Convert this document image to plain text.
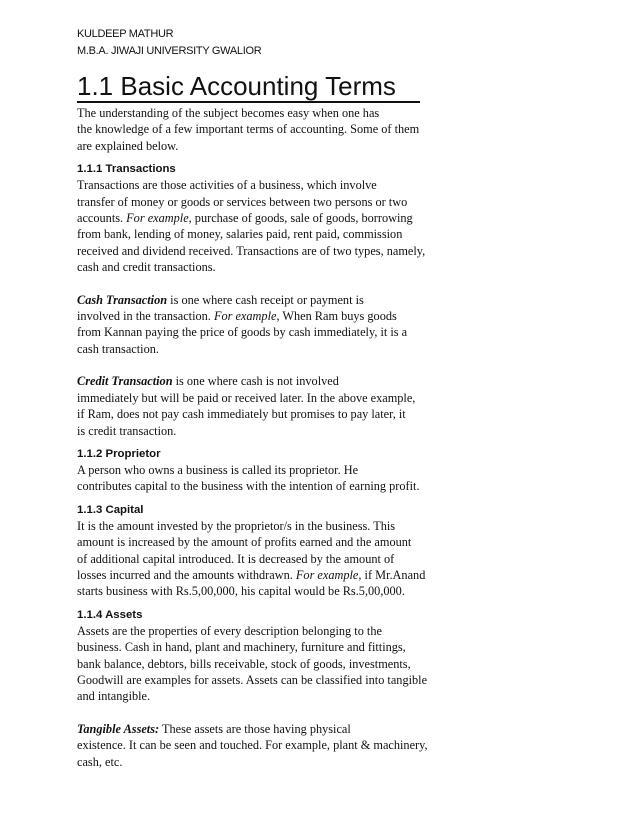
KULDEEP MATHUR
M.B.A. JIWAJI UNIVERSITY GWALIOR
1.1 Basic Accounting Terms
The understanding of the subject becomes easy when one has
the knowledge of a few important terms of accounting. Some of them
are explained below.
1.1.1 Transactions
Transactions are those activities of a business, which involve
transfer of money or goods or services between two persons or two
accounts. For example, purchase of goods, sale of goods, borrowing
from bank, lending of money, salaries paid, rent paid, commission
received and dividend received. Transactions are of two types, namely,
cash and credit transactions.
Cash Transaction is one where cash receipt or payment is
involved in the transaction. For example, When Ram buys goods
from Kannan paying the price of goods by cash immediately, it is a
cash transaction.
Credit Transaction is one where cash is not involved
immediately but will be paid or received later. In the above example,
if Ram, does not pay cash immediately but promises to pay later, it
is credit transaction.
1.1.2 Proprietor
A person who owns a business is called its proprietor. He
contributes capital to the business with the intention of earning profit.
1.1.3 Capital
It is the amount invested by the proprietor/s in the business. This
amount is increased by the amount of profits earned and the amount
of additional capital introduced. It is decreased by the amount of
losses incurred and the amounts withdrawn. For example, if Mr.Anand
starts business with Rs.5,00,000, his capital would be Rs.5,00,000.
1.1.4 Assets
Assets are the properties of every description belonging to the
business. Cash in hand, plant and machinery, furniture and fittings,
bank balance, debtors, bills receivable, stock of goods, investments,
Goodwill are examples for assets. Assets can be classified into tangible
and intangible.
Tangible Assets: These assets are those having physical
existence. It can be seen and touched. For example, plant & machinery,
cash, etc.
